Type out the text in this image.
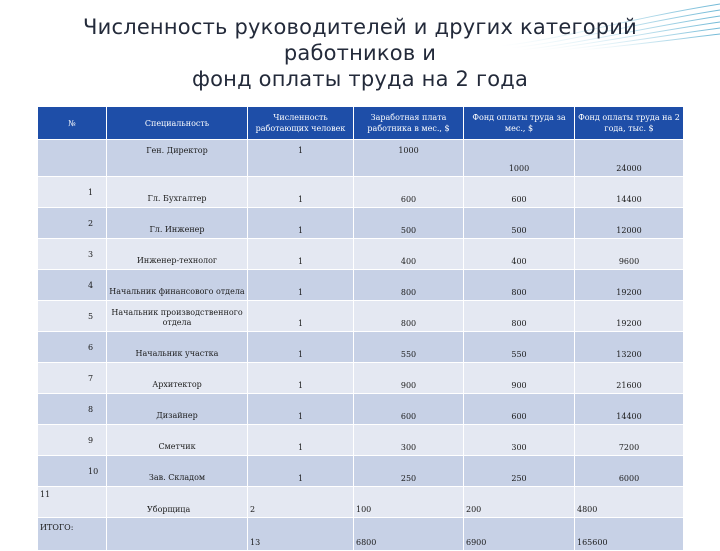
Численность руководителей и других категорий
работников и
фонд оплаты труда на 2 года
№	Специальность	Численность работающих человек	Заработная плата работника в мес., $	Фонд оплаты труда за мес., $	Фонд оплаты труда на 2 года, тыс. $
	Ген. Директор	1	1000	1000	24000
1	Гл. Бухгалтер	1	600	600	14400
2	Гл. Инженер	1	500	500	12000
3	Инженер-технолог	1	400	400	9600
4	Начальник финансового отдела	1	800	800	19200
5	Начальник производственного отдела	1	800	800	19200
6	Начальник участка	1	550	550	13200
7	Архитектор	1	900	900	21600
8	Дизайнер	1	600	600	14400
9	Сметчик	1	300	300	7200
10	Зав. Складом	1	250	250	6000
11	Уборщица	2	100	200	4800
ИТОГО:		13	6800	6900	165600
